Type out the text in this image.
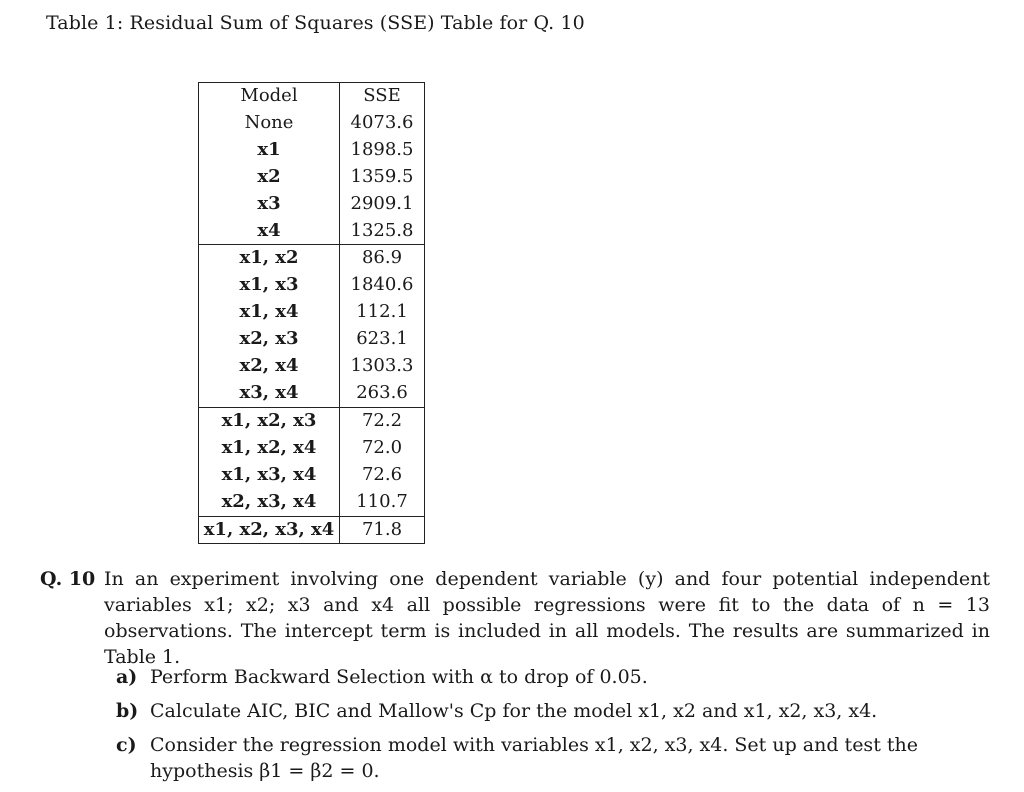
Table 1: Residual Sum of Squares (SSE) Table for Q. 10
Model	SSE
None	4073.6
x1	1898.5
x2	1359.5
x3	2909.1
x4	1325.8
x1, x2	86.9
x1, x3	1840.6
x1, x4	112.1
x2, x3	623.1
x2, x4	1303.3
x3, x4	263.6
x1, x2, x3	72.2
x1, x2, x4	72.0
x1, x3, x4	72.6
x2, x3, x4	110.7
x1, x2, x3, x4	71.8
Q. 10 In an experiment involving one dependent variable (y) and four potential independent variables x1; x2; x3 and x4 all possible regressions were fit to the data of n = 13 observations. The intercept term is included in all models. The results are summarized in Table 1.
a) Perform Backward Selection with α to drop of 0.05.
b) Calculate AIC, BIC and Mallow's Cp for the model x1, x2 and x1, x2, x3, x4.
c) Consider the regression model with variables x1, x2, x3, x4. Set up and test the hypothesis β1 = β2 = 0.
